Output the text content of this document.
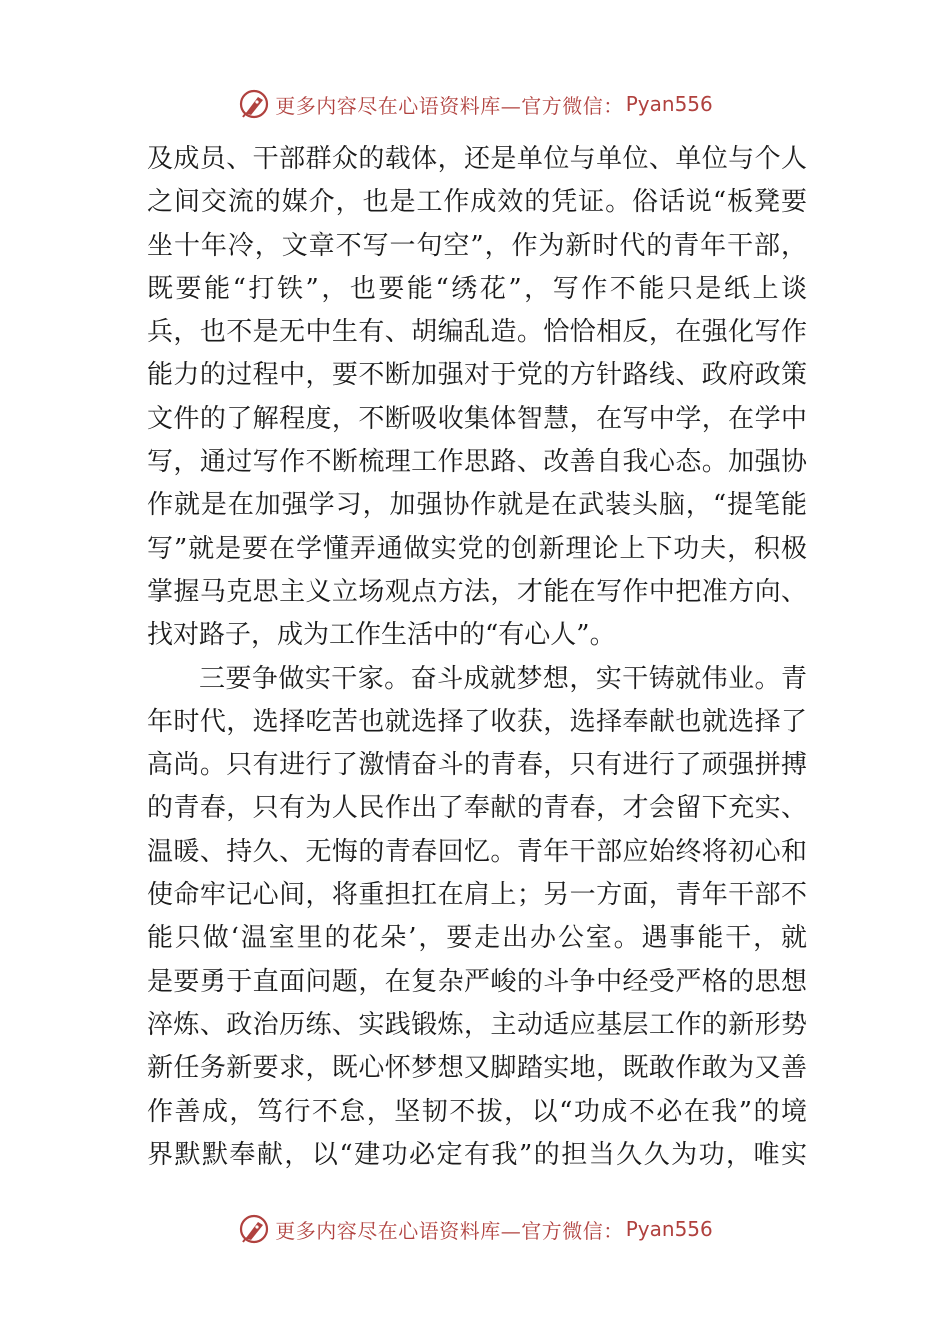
更多内容尽在心语资料库—官方微信： Pyan556
及成员、干部群众的载体，还是单位与单位、单位与个人
之间交流的媒介，也是工作成效的凭证。俗话说“板凳要
坐十年冷，文章不写一句空”，作为新时代的青年干部，
既要能“打铁”，也要能“绣花”，写作不能只是纸上谈
兵，也不是无中生有、胡编乱造。恰恰相反，在强化写作
能力的过程中，要不断加强对于党的方针路线、政府政策
文件的了解程度，不断吸收集体智慧，在写中学，在学中
写，通过写作不断梳理工作思路、改善自我心态。加强协
作就是在加强学习，加强协作就是在武装头脑，“提笔能
写”就是要在学懂弄通做实党的创新理论上下功夫，积极
掌握马克思主义立场观点方法，才能在写作中把准方向、
找对路子，成为工作生活中的“有心人”。
三要争做实干家。奋斗成就梦想，实干铸就伟业。青
年时代，选择吃苦也就选择了收获，选择奉献也就选择了
高尚。只有进行了激情奋斗的青春，只有进行了顽强拼搏
的青春，只有为人民作出了奉献的青春，才会留下充实、
温暖、持久、无悔的青春回忆。青年干部应始终将初心和
使命牢记心间，将重担扛在肩上；另一方面，青年干部不
能只做‘温室里的花朵’，要走出办公室。遇事能干，就
是要勇于直面问题，在复杂严峻的斗争中经受严格的思想
淬炼、政治历练、实践锻炼，主动适应基层工作的新形势
新任务新要求，既心怀梦想又脚踏实地，既敢作敢为又善
作善成，笃行不怠，坚韧不拔，以“功成不必在我”的境
界默默奉献，以“建功必定有我”的担当久久为功，唯实
更多内容尽在心语资料库—官方微信： Pyan556
